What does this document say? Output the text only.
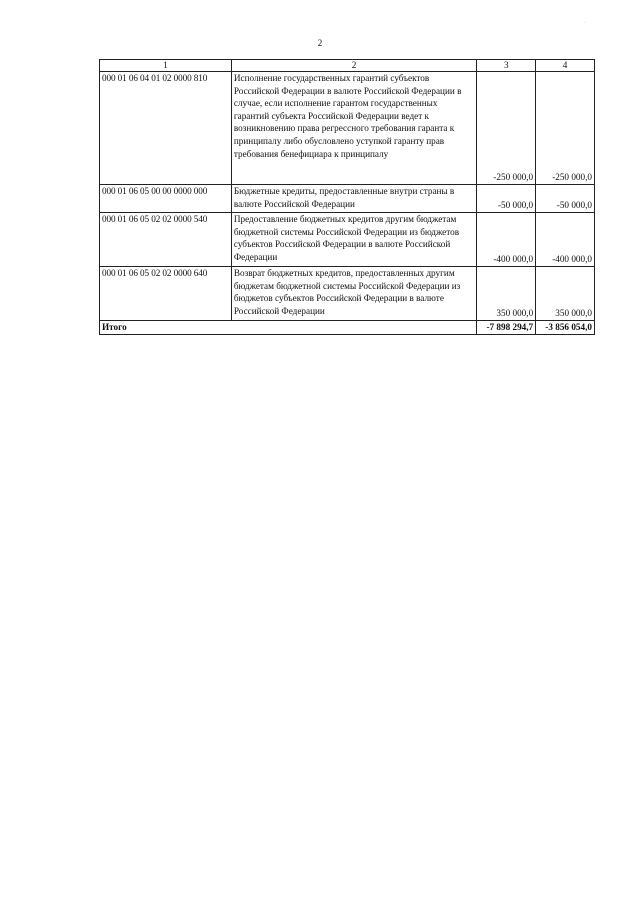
2
·
1	2	3	4
000 01 06 04 01 02 0000 810	Исполнение государственных гарантий субъектов Российской Федерации в валюте Российской Федерации в случае, если исполнение гарантом государственных гарантий субъекта Российской Федерации ведет к возникновению права регрессного требования гаранта к принципалу либо обусловлено уступкой гаранту прав требования бенефициара к принципалу	-250 000,0	-250 000,0
000 01 06 05 00 00 0000 000	Бюджетные кредиты, предоставленные внутри страны в валюте Российской Федерации	-50 000,0	-50 000,0
000 01 06 05 02 02 0000 540	Предоставление бюджетных кредитов другим бюджетам бюджетной системы Российской Федерации из бюджетов субъектов Российской Федерации в валюте Российской Федерации	-400 000,0	-400 000,0
000 01 06 05 02 02 0000 640	Возврат бюджетных кредитов, предоставленных другим бюджетам бюджетной системы Российской Федерации из бюджетов субъектов Российской Федерации в валюте Российской Федерации	350 000,0	350 000,0
Итого		-7 898 294,7	-3 856 054,0
